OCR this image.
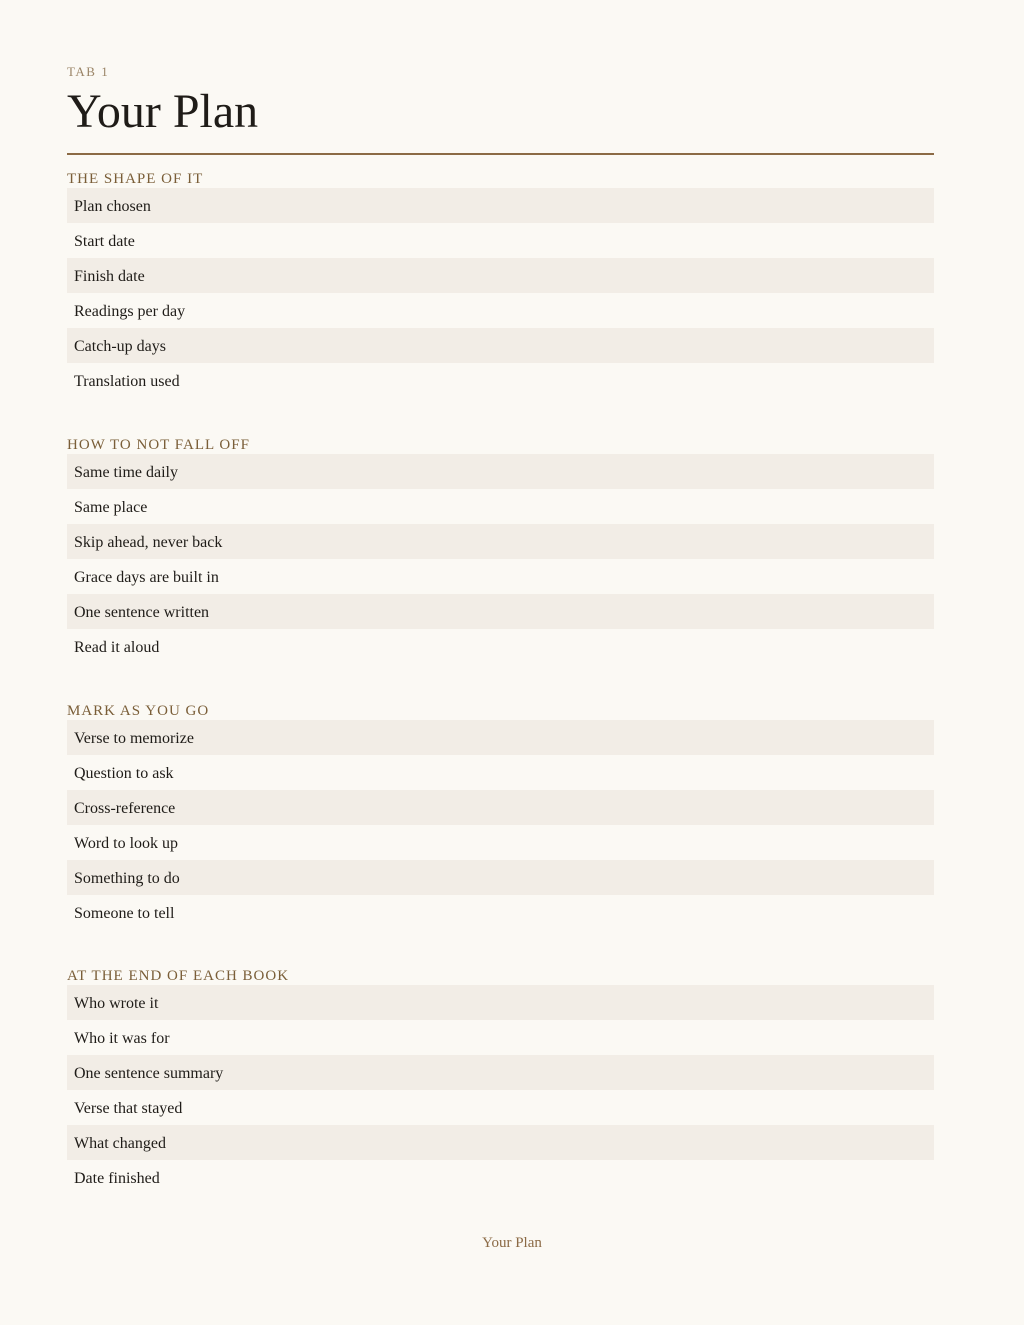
TAB 1
Your Plan
THE SHAPE OF IT
Plan chosen
Start date
Finish date
Readings per day
Catch-up days
Translation used
HOW TO NOT FALL OFF
Same time daily
Same place
Skip ahead, never back
Grace days are built in
One sentence written
Read it aloud
MARK AS YOU GO
Verse to memorize
Question to ask
Cross-reference
Word to look up
Something to do
Someone to tell
AT THE END OF EACH BOOK
Who wrote it
Who it was for
One sentence summary
Verse that stayed
What changed
Date finished
Your Plan
